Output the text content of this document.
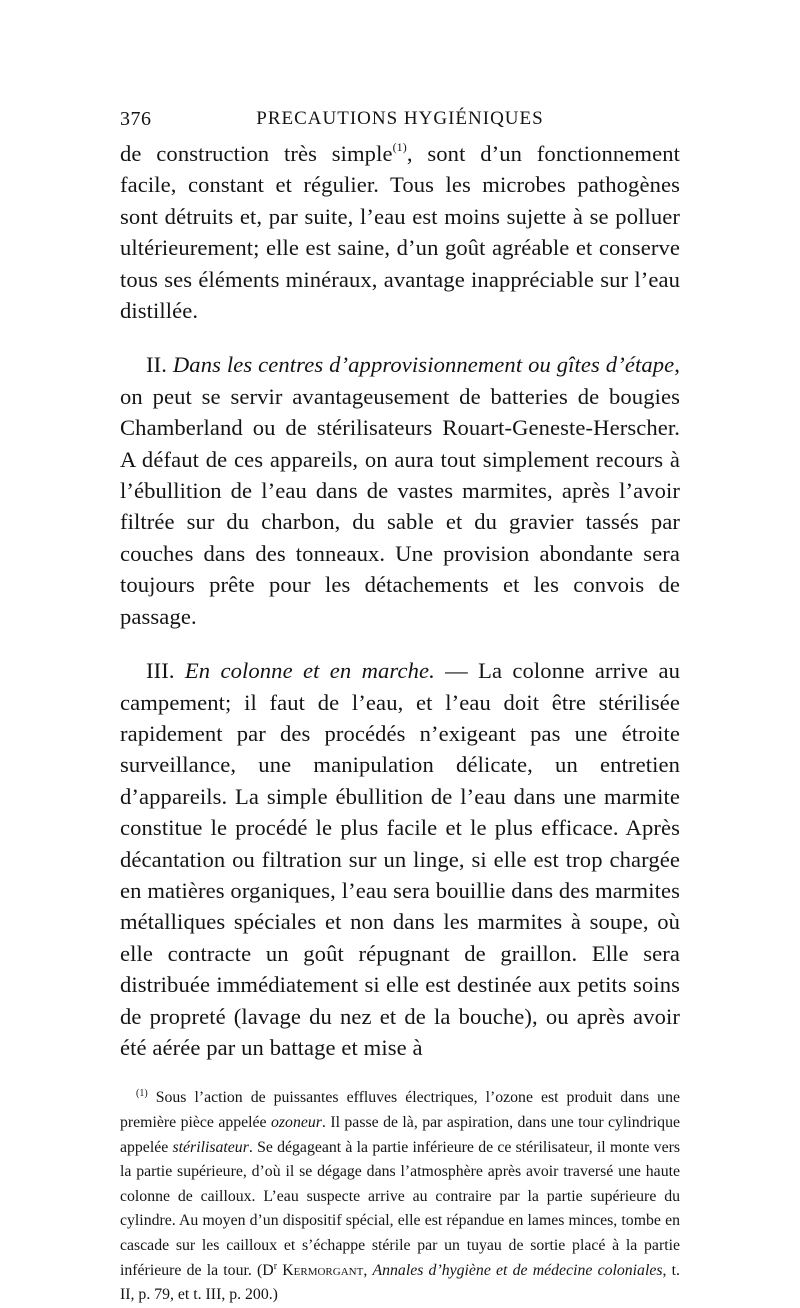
376	PRECAUTIONS HYGIÉNIQUES

de construction très simple$^{(1)}$, sont d’un fonctionnement facile, constant et régulier. Tous les microbes pathogènes sont détruits et, par suite, l’eau est moins sujette à se polluer ultérieurement; elle est saine, d’un goût agréable et conserve tous ses éléments minéraux, avantage inappréciable sur l’eau distillée.

II. Dans les centres d’approvisionnement ou gîtes d’étape, on peut se servir avantageusement de batteries de bougies Chamberland ou de stérilisateurs Rouart-Geneste-Herscher. A défaut de ces appareils, on aura tout simplement recours à l’ébullition de l’eau dans de vastes marmites, après l’avoir filtrée sur du charbon, du sable et du gravier tassés par couches dans des tonneaux. Une provision abondante sera toujours prête pour les détachements et les convois de passage.

III. En colonne et en marche. — La colonne arrive au campement; il faut de l’eau, et l’eau doit être stérilisée rapidement par des procédés n’exigeant pas une étroite surveillance, une manipulation délicate, un entretien d’appareils. La simple ébullition de l’eau dans une marmite constitue le procédé le plus facile et le plus efficace. Après décantation ou filtration sur un linge, si elle est trop chargée en matières organiques, l’eau sera bouillie dans des marmites métalliques spéciales et non dans les marmites à soupe, où elle contracte un goût répugnant de graillon. Elle sera distribuée immédiatement si elle est destinée aux petits soins de propreté (lavage du nez et de la bouche), ou après avoir été aérée par un battage et mise à

$^{(1)}$ Sous l’action de puissantes effluves électriques, l’ozone est produit dans une première pièce appelée ozoneur. Il passe de là, par aspiration, dans une tour cylindrique appelée stérilisateur. Se dégageant à la partie inférieure de ce stérilisateur, il monte vers la partie supérieure, d’où il se dégage dans l’atmosphère après avoir traversé une haute colonne de cailloux. L’eau suspecte arrive au contraire par la partie supérieure du cylindre. Au moyen d’un dispositif spécial, elle est répandue en lames minces, tombe en cascade sur les cailloux et s’échappe stérile par un tuyau de sortie placé à la partie inférieure de la tour. ($D^r$ Kermorgant, Annales d’hygiène et de médecine coloniales, t. II, p. 79, et t. III, p. 200.)
